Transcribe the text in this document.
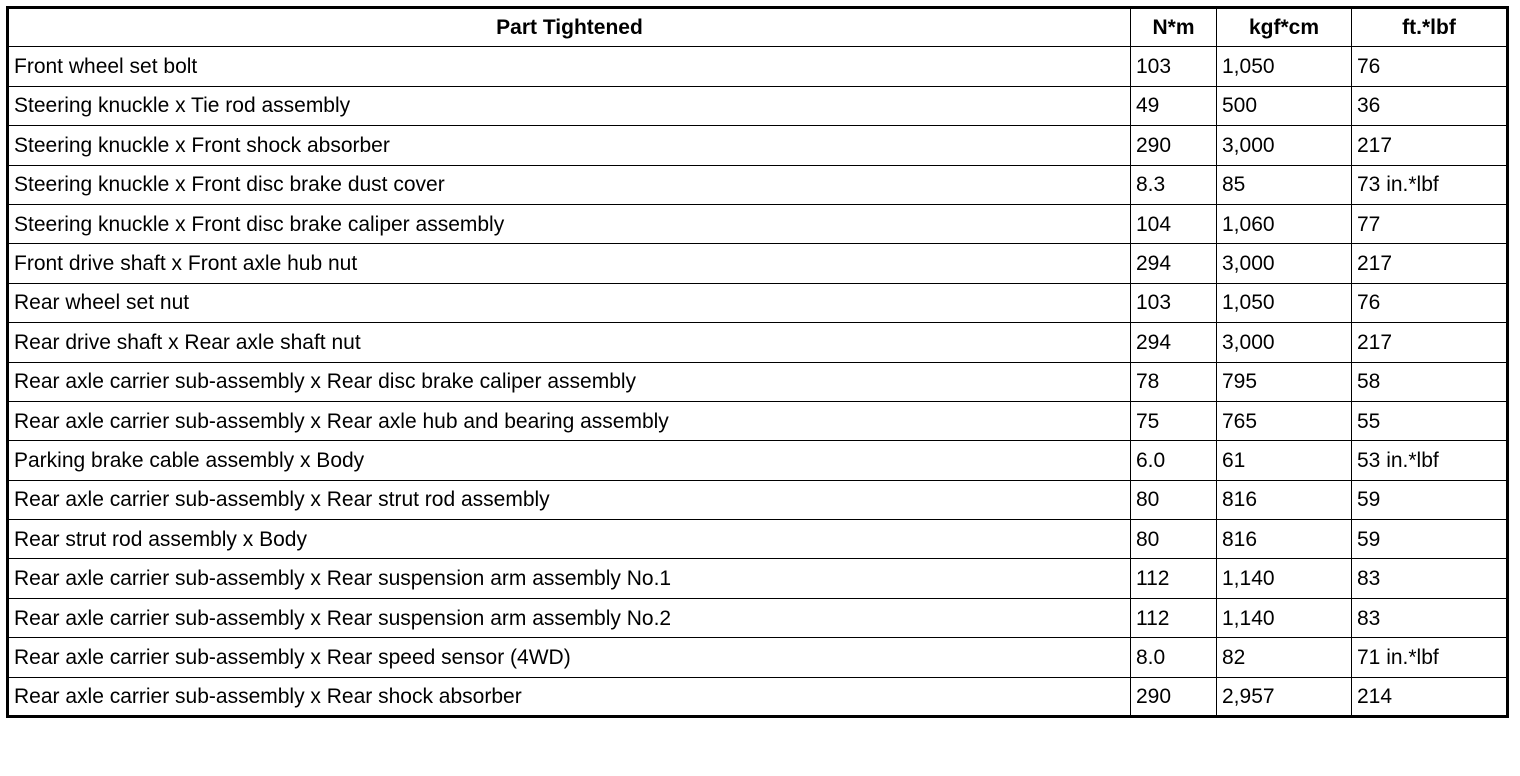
Part Tightened	N*m	kgf*cm	ft.*lbf
Front wheel set bolt	103	1,050	76
Steering knuckle x Tie rod assembly	49	500	36
Steering knuckle x Front shock absorber	290	3,000	217
Steering knuckle x Front disc brake dust cover	8.3	85	73 in.*lbf
Steering knuckle x Front disc brake caliper assembly	104	1,060	77
Front drive shaft x Front axle hub nut	294	3,000	217
Rear wheel set nut	103	1,050	76
Rear drive shaft x Rear axle shaft nut	294	3,000	217
Rear axle carrier sub-assembly x Rear disc brake caliper assembly	78	795	58
Rear axle carrier sub-assembly x Rear axle hub and bearing assembly	75	765	55
Parking brake cable assembly x Body	6.0	61	53 in.*lbf
Rear axle carrier sub-assembly x Rear strut rod assembly	80	816	59
Rear strut rod assembly x Body	80	816	59
Rear axle carrier sub-assembly x Rear suspension arm assembly No.1	112	1,140	83
Rear axle carrier sub-assembly x Rear suspension arm assembly No.2	112	1,140	83
Rear axle carrier sub-assembly x Rear speed sensor (4WD)	8.0	82	71 in.*lbf
Rear axle carrier sub-assembly x Rear shock absorber	290	2,957	214
